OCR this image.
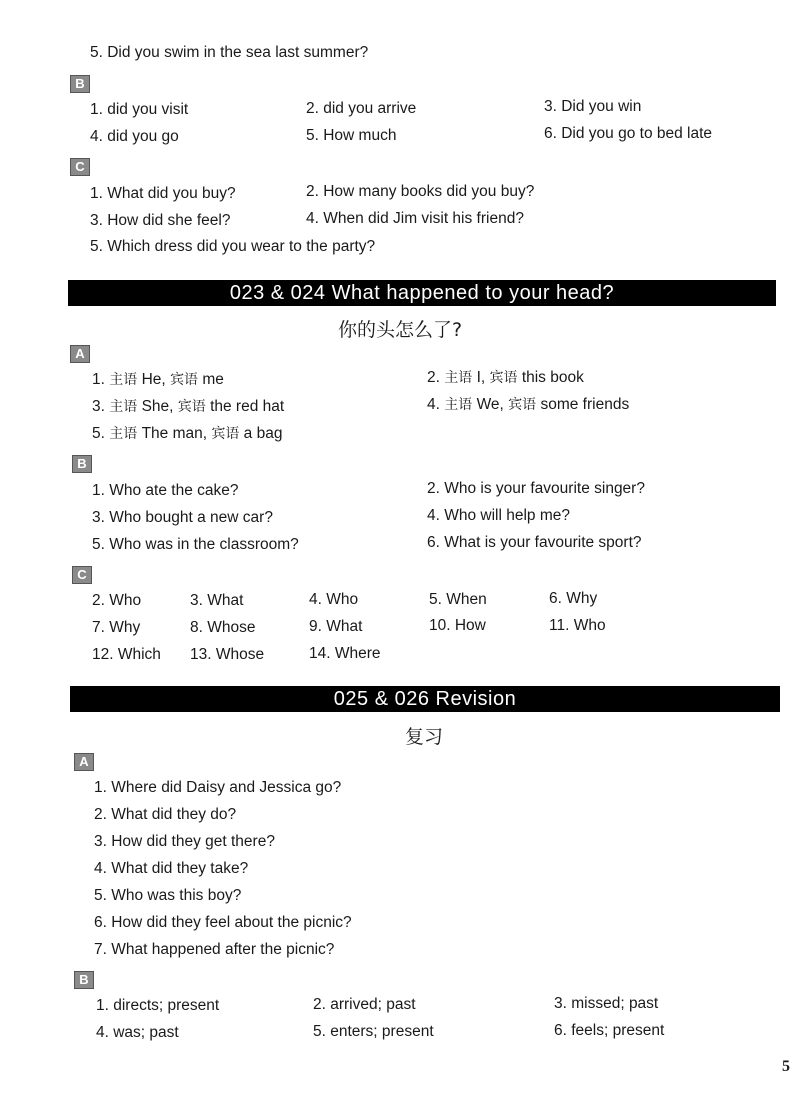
5. Did you swim in the sea last summer?
B
1. did you visit	2. did you arrive	3. Did you win
4. did you go	5. How much	6. Did you go to bed late
C
1. What did you buy?	2. How many books did you buy?
3. How did she feel?	4. When did Jim visit his friend?
5. Which dress did you wear to the party?
023 & 024 What happened to your head?
你的头怎么了?
A
1. 主语 He, 宾语 me	2. 主语 I, 宾语 this book
3. 主语 She, 宾语 the red hat	4. 主语 We, 宾语 some friends
5. 主语 The man, 宾语 a bag
B
1. Who ate the cake?	2. Who is your favourite singer?
3. Who bought a new car?	4. Who will help me?
5. Who was in the classroom?	6. What is your favourite sport?
C
2. Who	3. What	4. Who	5. When	6. Why
7. Why	8. Whose	9. What	10. How	11. Who
12. Which 13. Whose	14. Where
025 & 026 Revision
复习
A
1. Where did Daisy and Jessica go?
2. What did they do?
3. How did they get there?
4. What did they take?
5. Who was this boy?
6. How did they feel about the picnic?
7. What happened after the picnic?
B
1. directs; present	2. arrived; past	3. missed; past
4. was; past	5. enters; present	6. feels; present
5
